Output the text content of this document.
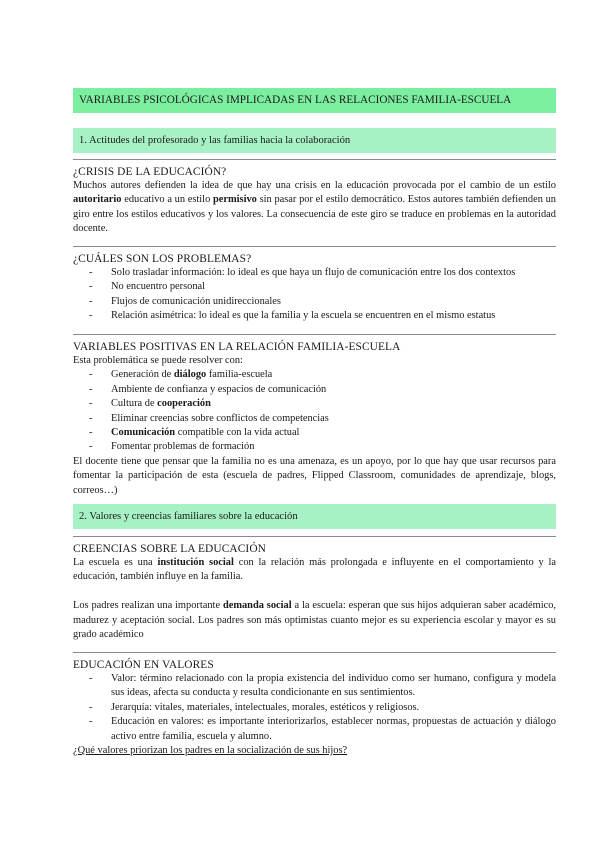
VARIABLES PSICOLÓGICAS IMPLICADAS EN LAS RELACIONES FAMILIA-ESCUELA
1. Actitudes del profesorado y las familias hacia la colaboración
¿CRISIS DE LA EDUCACIÓN?

Muchos autores defienden la idea de que hay una crisis en la educación provocada por el cambio de un estilo autoritario educativo a un estilo permisivo sin pasar por el estilo democrático. Estos autores también defienden un giro entre los estilos educativos y los valores. La consecuencia de este giro se traduce en problemas en la autoridad docente.

¿CUÁLES SON LOS PROBLEMAS?
- Solo trasladar información: lo ideal es que haya un flujo de comunicación entre los dos contextos
- No encuentro personal
- Flujos de comunicación unidireccionales
- Relación asimétrica: lo ideal es que la familia y la escuela se encuentren en el mismo estatus
VARIABLES POSITIVAS EN LA RELACIÓN FAMILIA-ESCUELA

Esta problemática se puede resolver con:

- Generación de diálogo familia-escuela
- Ambiente de confianza y espacios de comunicación
- Cultura de cooperación
- Eliminar creencias sobre conflictos de competencias
- Comunicación compatible con la vida actual
- Fomentar problemas de formación

El docente tiene que pensar que la familia no es una amenaza, es un apoyo, por lo que hay que usar recursos para fomentar la participación de esta (escuela de padres, Flipped Classroom, comunidades de aprendizaje, blogs, correos…)

2. Valores y creencias familiares sobre la educación
CREENCIAS SOBRE LA EDUCACIÓN

La escuela es una institución social con la relación más prolongada e influyente en el comportamiento y la educación, también influye en la familia.

Los padres realizan una importante demanda social a la escuela: esperan que sus hijos adquieran saber académico, madurez y aceptación social. Los padres son más optimistas cuanto mejor es su experiencia escolar y mayor es su grado académico

EDUCACIÓN EN VALORES
- Valor: término relacionado con la propia existencia del individuo como ser humano, configura y modela sus ideas, afecta su conducta y resulta condicionante en sus sentimientos.
- Jerarquía: vitales, materiales, intelectuales, morales, estéticos y religiosos.
- Educación en valores: es importante interiorizarlos, establecer normas, propuestas de actuación y diálogo activo entre familia, escuela y alumno.

¿Qué valores priorizan los padres en la socialización de sus hijos?
